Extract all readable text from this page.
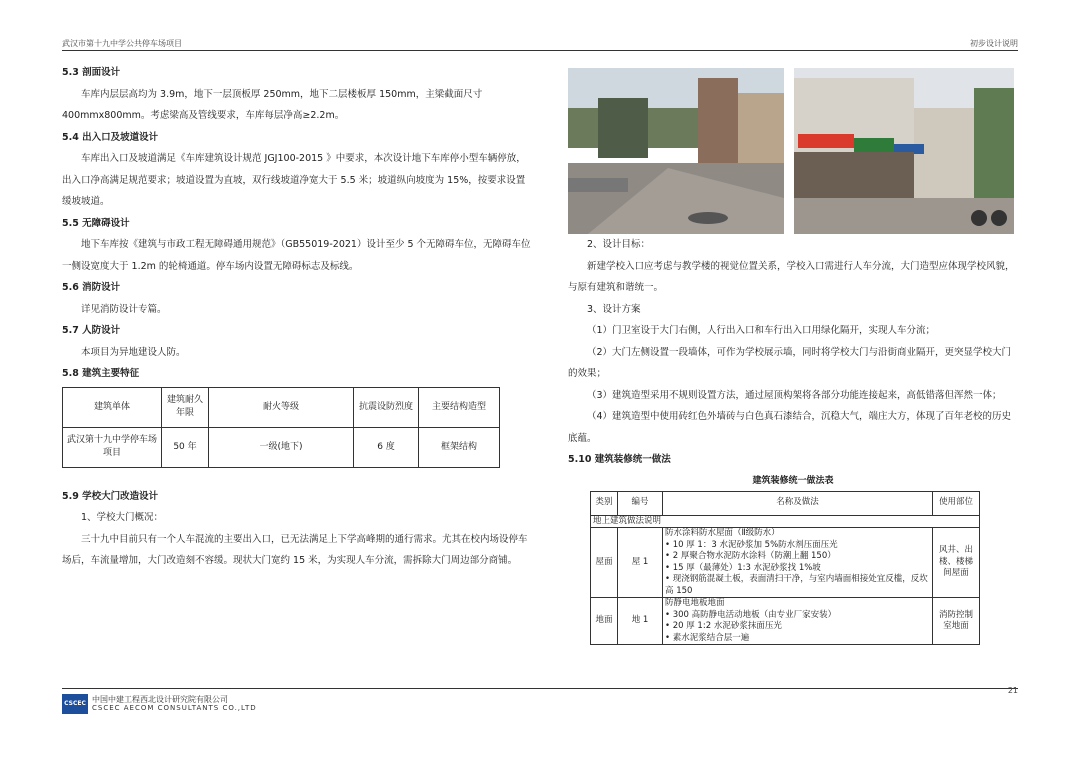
武汉市第十九中学公共停车场项目	初步设计说明
5.3 剖面设计
车库内层层高均为 3.9m，地下一层顶板厚 250mm，地下二层楼板厚 150mm，主梁截面尺寸400mmx800mm。考虑梁高及管线要求，车库每层净高≥2.2m。
5.4 出入口及坡道设计
车库出入口及坡道满足《车库建筑设计规范 JGJ100-2015 》中要求，本次设计地下车库停小型车辆停放，出入口净高满足规范要求；坡道设置为直坡，双行线坡道净宽大于 5.5 米；坡道纵向坡度为 15%，按要求设置缓坡坡道。
5.5 无障碍设计
地下车库按《建筑与市政工程无障碍通用规范》（GB55019-2021）设计至少 5 个无障碍车位，无障碍车位一侧设宽度大于 1.2m 的轮椅通道。停车场内设置无障碍标志及标线。
5.6 消防设计
详见消防设计专篇。
5.7 人防设计
本项目为异地建设人防。
5.8 建筑主要特征
建筑单体	建筑耐久年限	耐火等级	抗震设防烈度	主要结构造型
武汉第十九中学停车场项目	50 年	一级(地下)	6 度	框架结构
5.9 学校大门改造设计
1、学校大门概况：
三十九中目前只有一个人车混流的主要出入口，已无法满足上下学高峰期的通行需求。尤其在校内场设停车场后，车流量增加，大门改造刻不容缓。现状大门宽约 15 米，为实现人车分流，需拆除大门周边部分商铺。
2、设计目标：
新建学校入口应考虑与教学楼的视觉位置关系，学校入口需进行人车分流，大门造型应体现学校风貌，与原有建筑和谐统一。
3、设计方案
（1）门卫室设于大门右侧，人行出入口和车行出入口用绿化隔开，实现人车分流；
（2）大门左侧设置一段墙体，可作为学校展示墙，同时将学校大门与沿街商业隔开，更突显学校大门的效果；
（3）建筑造型采用不规则设置方法，通过屋顶构架将各部分功能连接起来，高低错落但浑然一体；
（4）建筑造型中使用砖红色外墙砖与白色真石漆结合，沉稳大气，端庄大方，体现了百年老校的历史底蕴。
5.10 建筑装修统一做法
建筑装修统一做法表
类别	编号	名称及做法	使用部位
地上建筑做法说明			
屋面	屋 1	防水涂料防水屋面（Ⅱ级防水）
• 10 厚 1：3 水泥砂浆加 5%防水剂压面压光
• 2 厚聚合物水泥防水涂料（防潮上翻 150）
• 15 厚（最薄处）1:3 水泥砂浆找 1%坡
• 现浇钢筋混凝土板，表面清扫干净，与室内墙面相接处宜反槛，反坎高 150	风井、出楼、楼梯间屋面
地面	地 1	防静电地板地面
• 300 高防静电活动地板（由专业厂家安装）
• 20 厚 1:2 水泥砂浆抹面压光
• 素水泥浆结合层一遍	消防控制室地面
CSCEC 中国中建工程西北设计研究院有限公司
CSCEC AECOM CONSULTANTS CO.,LTD
21
